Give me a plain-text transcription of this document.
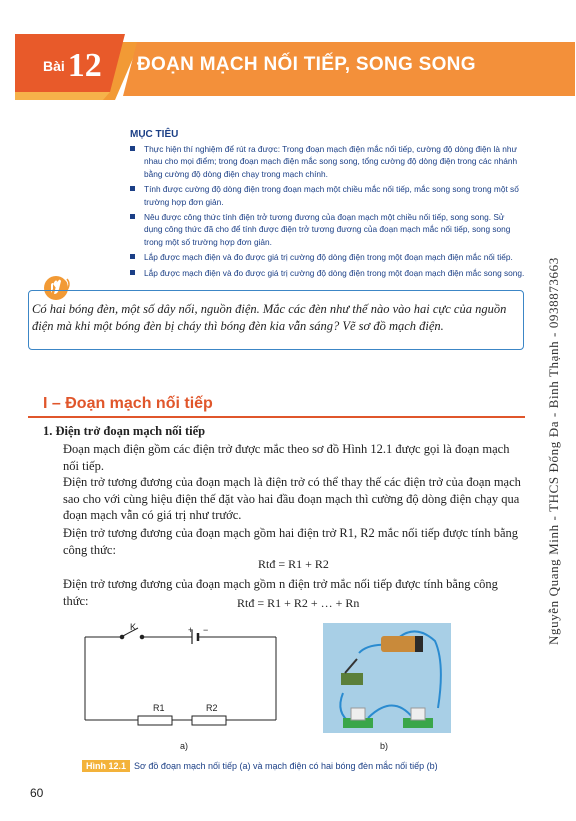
Bài12 ĐOẠN MẠCH NỐI TIẾP, SONG SONG
Nguyễn Quang Minh - THCS Đống Đa - Bình Thạnh - 0938873663
MỤC TIÊU
Thực hiện thí nghiệm để rút ra được: Trong đoạn mạch điện mắc nối tiếp, cường độ dòng điện là như nhau cho mọi điểm; trong đoạn mạch điện mắc song song, tổng cường độ dòng điện trong các nhánh bằng cường độ dòng điện chạy trong mạch chính.
Tính được cường độ dòng điện trong đoạn mạch một chiều mắc nối tiếp, mắc song song trong một số trường hợp đơn giản.
Nêu được công thức tính điện trở tương đương của đoạn mạch một chiều nối tiếp, song song. Sử dụng công thức đã cho để tính được điện trở tương đương của đoạn mạch mắc nối tiếp, song song trong một số trường hợp đơn giản.
Lắp được mạch điện và đo được giá trị cường độ dòng điện trong một đoạn mạch điện mắc nối tiếp.
Lắp được mạch điện và đo được giá trị cường độ dòng điện trong một đoạn mạch điện mắc song song.
Có hai bóng đèn, một số dây nối, nguồn điện. Mắc các đèn như thế nào vào hai cực của nguồn điện mà khi một bóng đèn bị cháy thì bóng đèn kia vẫn sáng? Vẽ sơ đồ mạch điện.
I – Đoạn mạch nối tiếp
1. Điện trở đoạn mạch nối tiếp
Đoạn mạch điện gồm các điện trở được mắc theo sơ đồ Hình 12.1 được gọi là đoạn mạch nối tiếp.
Điện trở tương đương của đoạn mạch là điện trở có thể thay thế các điện trở của đoạn mạch sao cho với cùng hiệu điện thế đặt vào hai đầu đoạn mạch thì cường độ dòng điện chạy qua đoạn mạch vẫn có giá trị như trước.
Điện trở tương đương của đoạn mạch gồm hai điện trở R1, R2 mắc nối tiếp được tính bằng công thức:
Rtđ = R1 + R2
Điện trở tương đương của đoạn mạch gồm n điện trở mắc nối tiếp được tính bằng công thức:	Rtđ = R1 + R2 + … + Rn
K	+ −
R1	R2
a)	b)
Hình 12.1 Sơ đồ đoạn mạch nối tiếp (a) và mạch điện có hai bóng đèn mắc nối tiếp (b)
60
